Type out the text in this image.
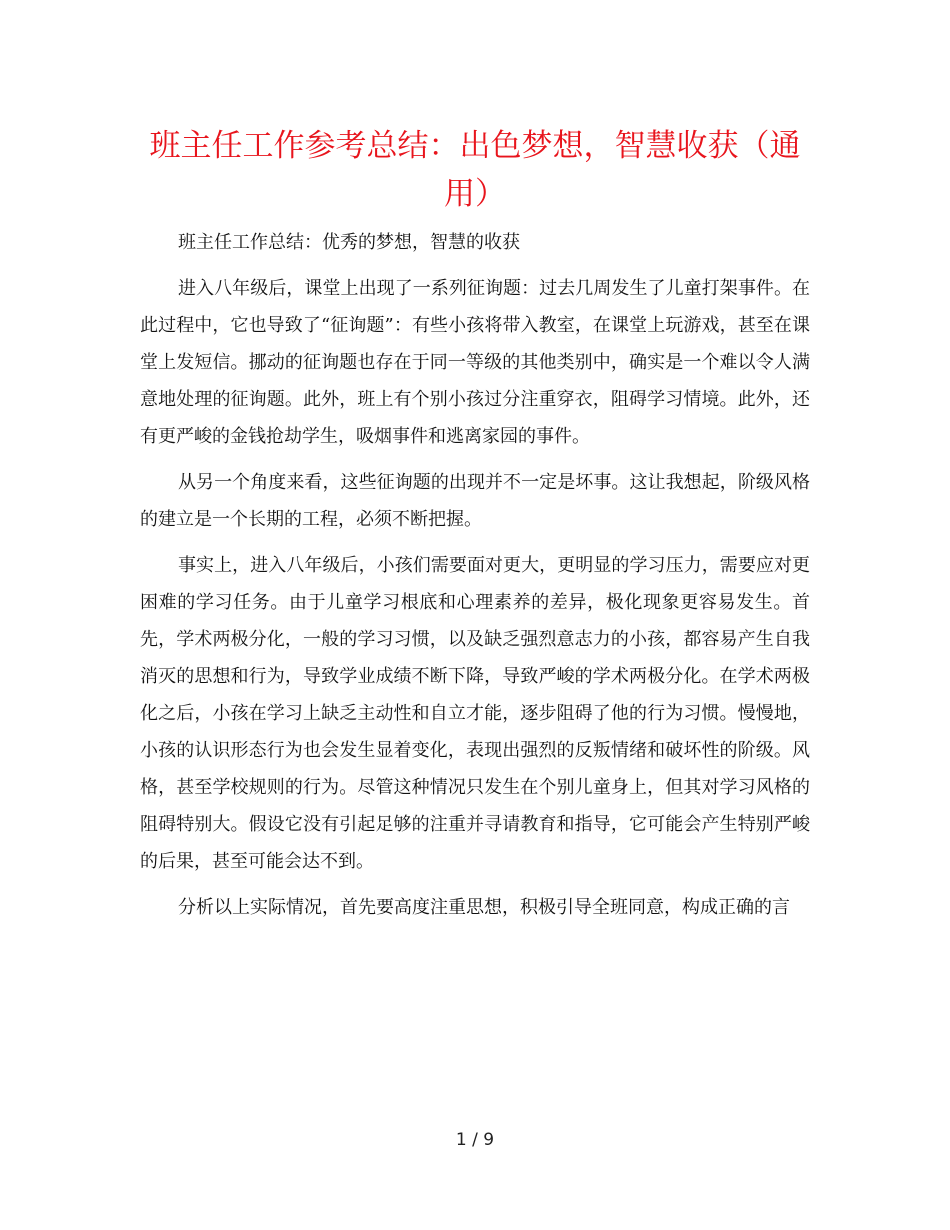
班主任工作参考总结：出色梦想，智慧收获（通用）

班主任工作总结：优秀的梦想，智慧的收获

进入八年级后，课堂上出现了一系列征询题：过去几周发生了儿童打架事件。在此过程中，它也导致了“征询题”：有些小孩将带入教室，在课堂上玩游戏，甚至在课堂上发短信。挪动的征询题也存在于同一等级的其他类别中，确实是一个难以令人满意地处理的征询题。此外，班上有个别小孩过分注重穿衣，阻碍学习情境。此外，还有更严峻的金钱抢劫学生，吸烟事件和逃离家园的事件。

从另一个角度来看，这些征询题的出现并不一定是坏事。这让我想起，阶级风格的建立是一个长期的工程，必须不断把握。

事实上，进入八年级后，小孩们需要面对更大，更明显的学习压力，需要应对更困难的学习任务。由于儿童学习根底和心理素养的差异，极化现象更容易发生。首先，学术两极分化，一般的学习习惯，以及缺乏强烈意志力的小孩，都容易产生自我消灭的思想和行为，导致学业成绩不断下降，导致严峻的学术两极分化。在学术两极化之后，小孩在学习上缺乏主动性和自立才能，逐步阻碍了他的行为习惯。慢慢地，小孩的认识形态行为也会发生显着变化，表现出强烈的反叛情绪和破坏性的阶级。风格，甚至学校规则的行为。尽管这种情况只发生在个别儿童身上，但其对学习风格的阻碍特别大。假设它没有引起足够的注重并寻请教育和指导，它可能会产生特别严峻的后果，甚至可能会达不到。

分析以上实际情况，首先要高度注重思想，积极引导全班同意，构成正确的言

1 / 9
